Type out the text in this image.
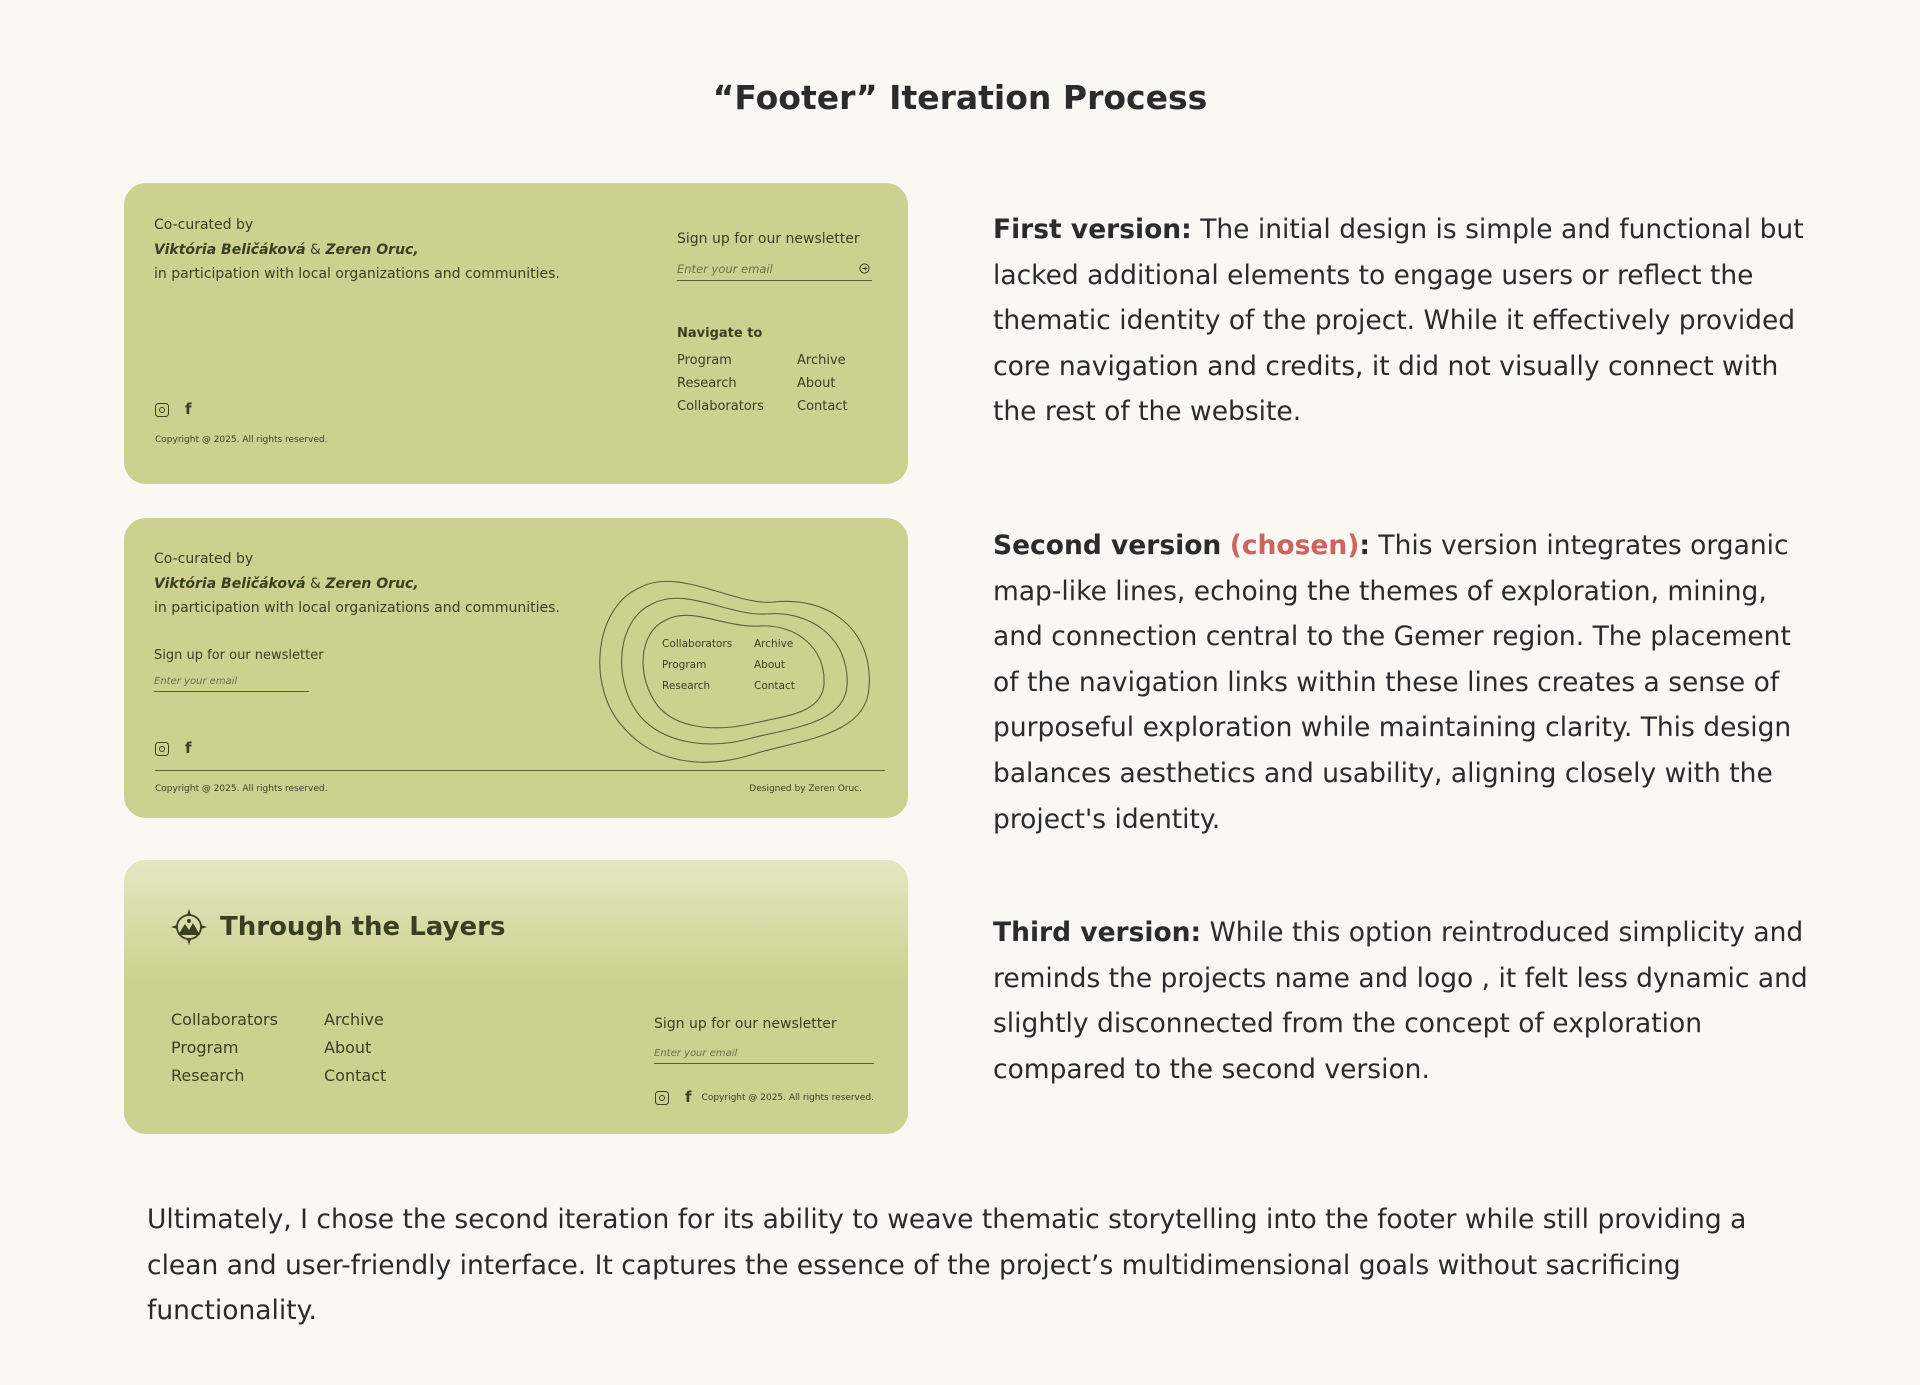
“Footer” Iteration Process
Co-curated by
Viktória Beličáková & Zeren Oruc,
in participation with local organizations and communities.
Sign up for our newsletter
Enter your email
Navigate to
Program	Archive
Research	About
Collaborators	Contact
f
Copyright @ 2025. All rights reserved.
Co-curated by
Viktória Beličáková & Zeren Oruc,
in participation with local organizations and communities.
Sign up for our newsletter
Enter your email
Collaborators	Archive
Program	About
Research	Contact
f
Copyright @ 2025. All rights reserved.	Designed by Zeren Oruc.
Through the Layers
Collaborators	Archive
Program	About
Research	Contact
Sign up for our newsletter
Enter your email
f Copyright @ 2025. All rights reserved.
First version: The initial design is simple and functional but lacked additional elements to engage users or reflect the thematic identity of the project. While it effectively provided core navigation and credits, it did not visually connect with the rest of the website.
Second version (chosen): This version integrates organic map-like lines, echoing the themes of exploration, mining, and connection central to the Gemer region. The placement of the navigation links within these lines creates a sense of purposeful exploration while maintaining clarity. This design balances aesthetics and usability, aligning closely with the project's identity.
Third version: While this option reintroduced simplicity and reminds the projects name and logo , it felt less dynamic and slightly disconnected from the concept of exploration compared to the second version.
Ultimately, I chose the second iteration for its ability to weave thematic storytelling into the footer while still providing a clean and user-friendly interface. It captures the essence of the project’s multidimensional goals without sacrificing functionality.
